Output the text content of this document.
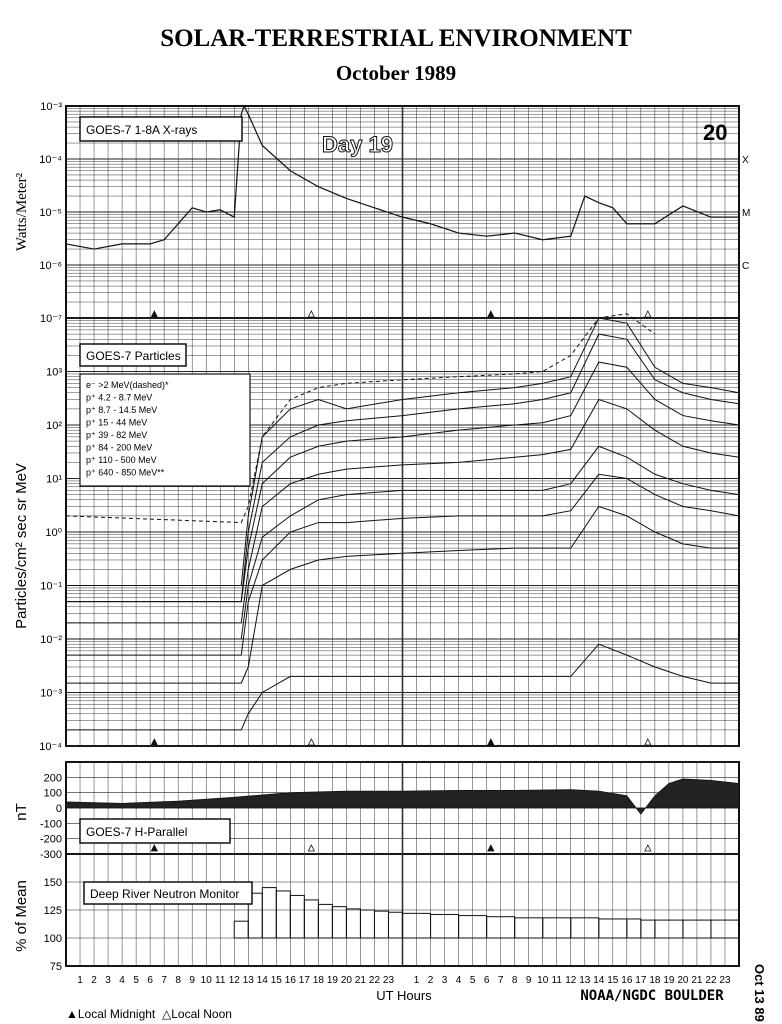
SOLAR-TERRESTRIAL ENVIRONMENT
October 1989
10⁻³
10⁻⁴
10⁻⁵
10⁻⁶
10⁻⁷
10³
10²
10¹
10⁰
10⁻¹
10⁻²
10⁻³
10⁻⁴
200
100
0
-100
-200
-300
150
125
100
75
X
M
C
1 2 3 4 5 6 7 8 9 10 11 12 13 14 15 16 17 18 19 20 21 22 23 1 2 3 4 5 6 7 8 9 10 11 12 13 14 15 16 17 18 19 20 21 22 23
GOES-7 1-8A X-rays
GOES-7 Particles
GOES-7 H-Parallel
Deep River Neutron Monitor
e⁻ >2 MeV(dashed)*
p⁺ 4.2 - 8.7 MeV
p⁺ 8.7 - 14.5 MeV
p⁺ 15 - 44 MeV
p⁺ 39 - 82 MeV
p⁺ 84 - 200 MeV
p⁺ 110 - 500 MeV
p⁺ 640 - 850 MeV**
Day 19	20
Watts/Meter²
Particles/cm² sec sr MeV
nT
% of Mean
UT Hours	NOAA/NGDC BOULDER
▲Local Midnight △Local Noon	Oct 13 89
